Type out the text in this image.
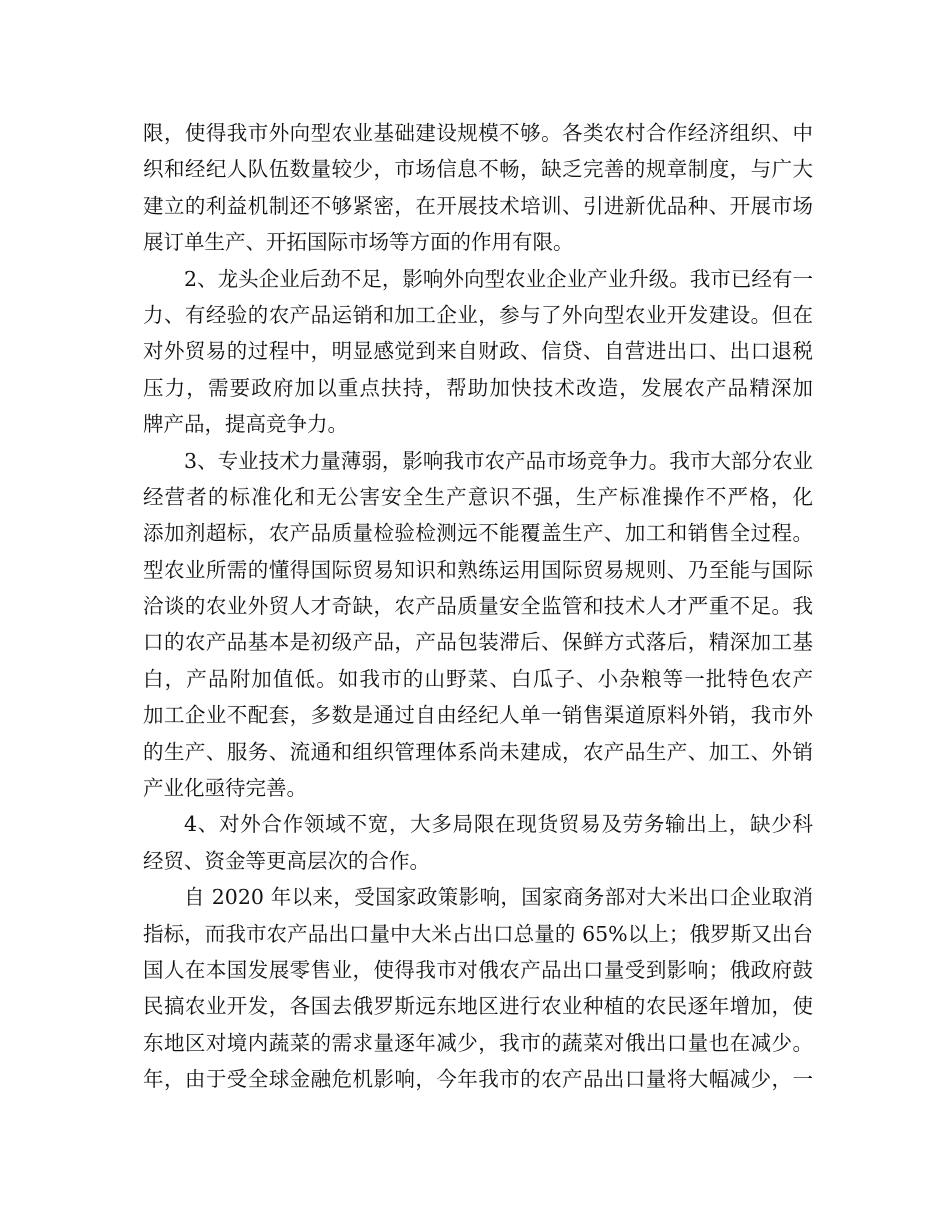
限，使得我市外向型农业基础建设规模不够。各类农村合作经济组织、中
织和经纪人队伍数量较少，市场信息不畅，缺乏完善的规章制度，与广大
建立的利益机制还不够紧密，在开展技术培训、引进新优品种、开展市场
展订单生产、开拓国际市场等方面的作用有限。
2、龙头企业后劲不足，影响外向型农业企业产业升级。我市已经有一
力、有经验的农产品运销和加工企业，参与了外向型农业开发建设。但在
对外贸易的过程中，明显感觉到来自财政、信贷、自营进出口、出口退税
压力，需要政府加以重点扶持，帮助加快技术改造，发展农产品精深加
牌产品，提高竞争力。
3、专业技术力量薄弱，影响我市农产品市场竞争力。我市大部分农业
经营者的标准化和无公害安全生产意识不强，生产标准操作不严格，化
添加剂超标，农产品质量检验检测远不能覆盖生产、加工和销售全过程。
型农业所需的懂得国际贸易知识和熟练运用国际贸易规则、乃至能与国际
洽谈的农业外贸人才奇缺，农产品质量安全监管和技术人才严重不足。我
口的农产品基本是初级产品，产品包装滞后、保鲜方式落后，精深加工基
白，产品附加值低。如我市的山野菜、白瓜子、小杂粮等一批特色农产
加工企业不配套，多数是通过自由经纪人单一销售渠道原料外销，我市外
的生产、服务、流通和组织管理体系尚未建成，农产品生产、加工、外销
产业化亟待完善。
4、对外合作领域不宽，大多局限在现货贸易及劳务输出上，缺少科
经贸、资金等更高层次的合作。
自 2020 年以来，受国家政策影响，国家商务部对大米出口企业取消
指标，而我市农产品出口量中大米占出口总量的 65%以上；俄罗斯又出台
国人在本国发展零售业，使得我市对俄农产品出口量受到影响；俄政府鼓
民搞农业开发，各国去俄罗斯远东地区进行农业种植的农民逐年增加，使
东地区对境内蔬菜的需求量逐年减少，我市的蔬菜对俄出口量也在减少。
年，由于受全球金融危机影响，今年我市的农产品出口量将大幅减少，一
